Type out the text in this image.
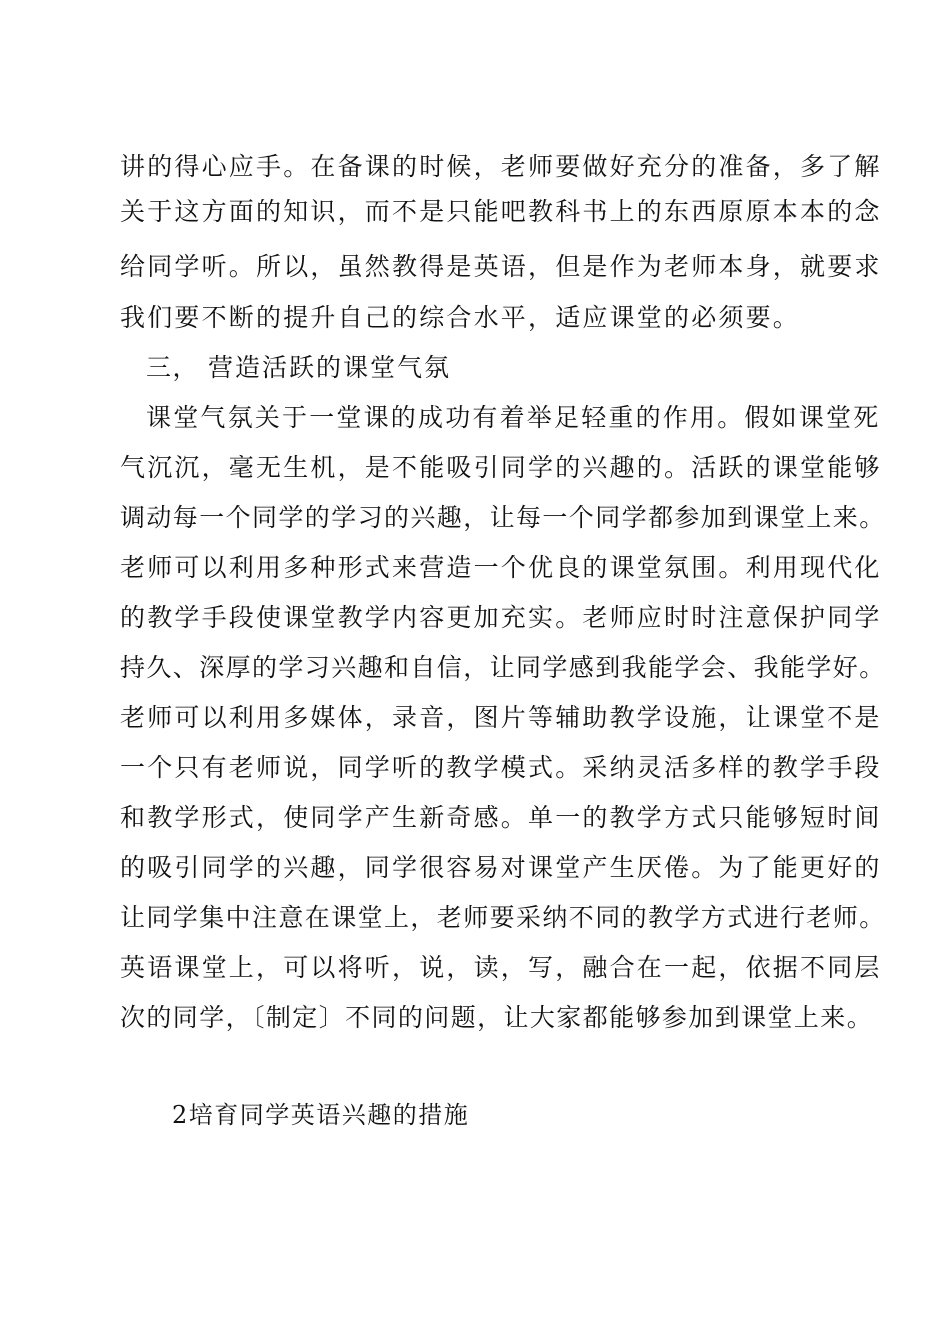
讲的得心应手。在备课的时候，老师要做好充分的准备，多了解
关于这方面的知识，而不是只能吧教科书上的东西原原本本的念
给同学听。所以，虽然教得是英语，但是作为老师本身，就要求
我们要不断的提升自己的综合水平，适应课堂的必须要。
三， 营造活跃的课堂气氛
课堂气氛关于一堂课的成功有着举足轻重的作用。假如课堂死
气沉沉，毫无生机，是不能吸引同学的兴趣的。活跃的课堂能够
调动每一个同学的学习的兴趣，让每一个同学都参加到课堂上来。
老师可以利用多种形式来营造一个优良的课堂氛围。利用现代化
的教学手段使课堂教学内容更加充实。老师应时时注意保护同学
持久、深厚的学习兴趣和自信，让同学感到我能学会、我能学好。
老师可以利用多媒体，录音，图片等辅助教学设施，让课堂不是
一个只有老师说，同学听的教学模式。采纳灵活多样的教学手段
和教学形式，使同学产生新奇感。单一的教学方式只能够短时间
的吸引同学的兴趣，同学很容易对课堂产生厌倦。为了能更好的
让同学集中注意在课堂上，老师要采纳不同的教学方式进行老师。
英语课堂上，可以将听，说，读，写，融合在一起，依据不同层
次的同学，〔制定〕不同的问题，让大家都能够参加到课堂上来。
2培育同学英语兴趣的措施
